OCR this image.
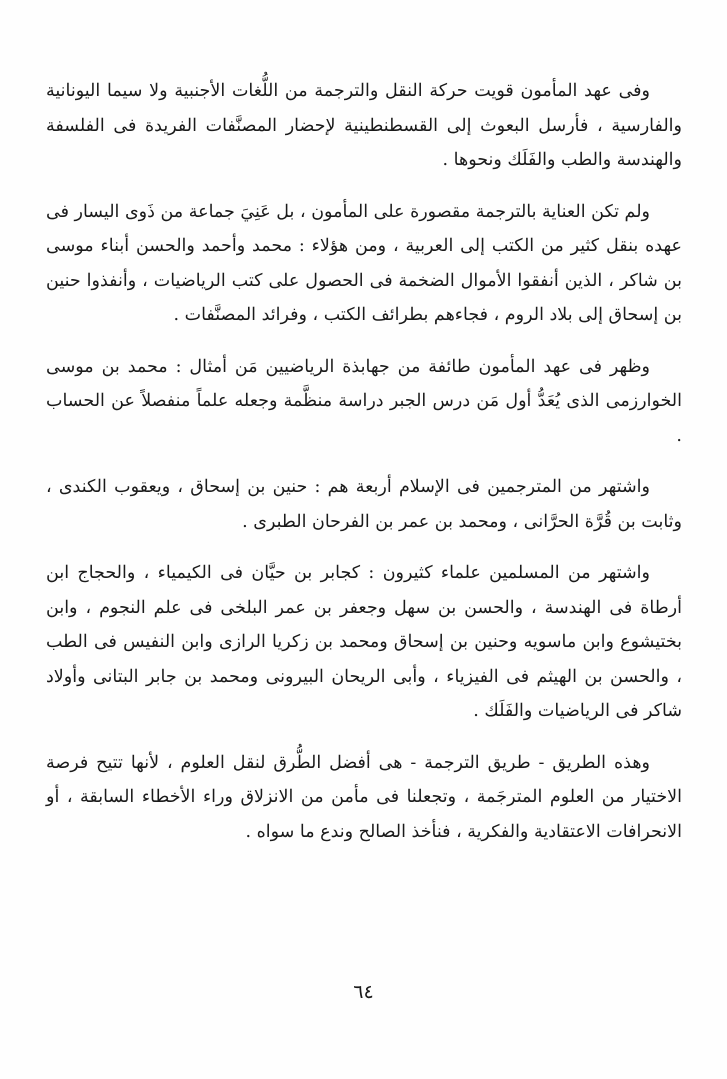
وفى عهد المأمون قويت حركة النقل والترجمة من اللُّغات الأجنبية ولا سيما اليونانية والفارسية ، فأرسل البعوث إلى القسطنطينية لإحضار المصنَّفات الفريدة فى الفلسفة والهندسة والطب والفَلَك ونحوها .

ولم تكن العناية بالترجمة مقصورة على المأمون ، بل عَنِيَ جماعة من ذَوى اليسار فى عهده بنقل كثير من الكتب إلى العربية ، ومن هؤلاء : محمد وأحمد والحسن أبناء موسى بن شاكر ، الذين أنفقوا الأموال الضخمة فى الحصول على كتب الرياضيات ، وأنفذوا حنين بن إسحاق إلى بلاد الروم ، فجاءهم بطرائف الكتب ، وفرائد المصنَّفات .

وظهر فى عهد المأمون طائفة من جهابذة الرياضيين مَن أمثال : محمد بن موسى الخوارزمى الذى يُعَدُّ أول مَن درس الجبر دراسة منظَّمة وجعله علماً منفصلاً عن الحساب .

واشتهر من المترجمين فى الإسلام أربعة هم : حنين بن إسحاق ، ويعقوب الكندى ، وثابت بن قُرَّة الحرَّانى ، ومحمد بن عمر بن الفرحان الطبرى .

واشتهر من المسلمين علماء كثيرون : كجابر بن حيَّان فى الكيمياء ، والحجاج ابن أرطاة فى الهندسة ، والحسن بن سهل وجعفر بن عمر البلخى فى علم النجوم ، وابن بختيشوع وابن ماسويه وحنين بن إسحاق ومحمد بن زكريا الرازى وابن النفيس فى الطب ، والحسن بن الهيثم فى الفيزياء ، وأبى الريحان البيرونى ومحمد بن جابر البتانى وأولاد شاكر فى الرياضيات والفَلَك .

وهذه الطريق - طريق الترجمة - هى أفضل الطُّرق لنقل العلوم ، لأنها تتيح فرصة الاختيار من العلوم المترجَمة ، وتجعلنا فى مأمن من الانزلاق وراء الأخطاء السابقة ، أو الانحرافات الاعتقادية والفكرية ، فنأخذ الصالح وندع ما سواه .

٦٤
